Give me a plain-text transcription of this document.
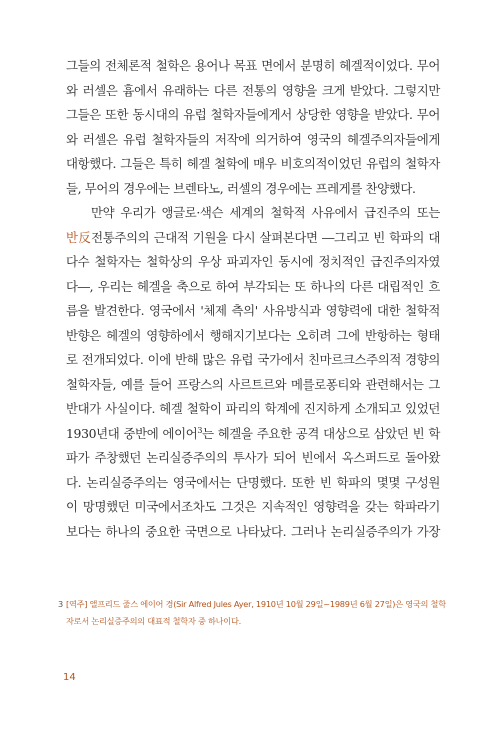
그들의 전체론적 철학은 용어나 목표 면에서 분명히 헤겔적이었다. 무어
와 러셀은 흄에서 유래하는 다른 전통의 영향을 크게 받았다. 그렇지만
그들은 또한 동시대의 유럽 철학자들에게서 상당한 영향을 받았다. 무어
와 러셀은 유럽 철학자들의 저작에 의거하여 영국의 헤겔주의자들에게
대항했다. 그들은 특히 헤겔 철학에 매우 비호의적이었던 유럽의 철학자
들, 무어의 경우에는 브렌타노, 러셀의 경우에는 프레게를 찬양했다.
만약 우리가 앵글로·색슨 세계의 철학적 사유에서 급진주의 또는
반反전통주의의 근대적 기원을 다시 살펴본다면 ―그리고 빈 학파의 대
다수 철학자는 철학상의 우상 파괴자인 동시에 정치적인 급진주의자였
다―, 우리는 헤겔을 축으로 하여 부각되는 또 하나의 다른 대립적인 흐
름을 발견한다. 영국에서 '체제 측의' 사유방식과 영향력에 대한 철학적
반향은 헤겔의 영향하에서 행해지기보다는 오히려 그에 반항하는 형태
로 전개되었다. 이에 반해 많은 유럽 국가에서 친마르크스주의적 경향의
철학자들, 예를 들어 프랑스의 사르트르와 메를로퐁티와 관련해서는 그
반대가 사실이다. 헤겔 철학이 파리의 학계에 진지하게 소개되고 있었던
1930년대 중반에 에이어$^3$는 헤겔을 주요한 공격 대상으로 삼았던 빈 학
파가 주창했던 논리실증주의의 투사가 되어 빈에서 옥스퍼드로 돌아왔
다. 논리실증주의는 영국에서는 단명했다. 또한 빈 학파의 몇몇 구성원
이 망명했던 미국에서조차도 그것은 지속적인 영향력을 갖는 학파라기
보다는 하나의 중요한 국면으로 나타났다. 그러나 논리실증주의가 가장
3 [역주] 앨프리드 줄스 에이어 경(Sir Alfred Jules Ayer, 1910년 10월 29일~1989년 6월 27일)은 영국의 철학
자로서 논리실증주의의 대표적 철학자 중 하나이다.
14
